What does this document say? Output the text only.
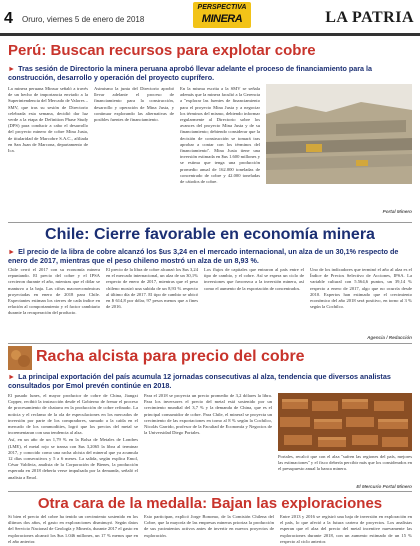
4 Oruro, viernes 5 de enero de 2018
PERSPECTIVA
MINERA	LA PATRIA
Perú: Buscan recursos para explotar cobre
► Tras sesión de Directorio la minera peruana aprobó llevar adelante el proceso de financiamiento para la construcción, desarrollo y operación del proyecto cuprífero.

La minera peruana Minsur señaló a través de un hecho de importancia enviado a la Superintendencia del Mercado de Valores – SMV, que tras su sesión de Directorio celebrada esta semana, decidió dar luz verde a la etapa de Definition Phase Study (DPS) para conducir a cabo el desarrollo del proyecto minero de cobre Mina Justa, de titularidad de Marcobre S.A.C., afiliada en San Juan de Marcona, departamento de Ica.

Asimismo la junta del Directorio aprobó llevar adelante el proceso de financiamiento para la construcción, desarrollo y operación de Mina Justa, y continuar explorando las alternativas de posibles fuentes de financiamiento.

En la misma escrita a la SMV se señala además que la minera facultó a la Gerencia a ''explorar las fuentes de financiamiento para el proyecto Mina Justa y a negociar los términos del mismo, debiendo informar regularmente al Directorio sobre los avances del proyecto Mina Justa y de su financiamiento; debiendo considerar que la decisión de construcción se tomará tras aprobar a contar con los términos del financiamiento''. Mina Justa tiene una inversión estimada en $us 1.600 millones y se estima que tenga una producción promedio anual de 162.000 toneladas de concentrado de cobre y 42.000 toneladas de cátodos de cobre.

Portal Minero
Chile: Cierre favorable en economía minera
► El precio de la libra de cobre alcanzó los $us 3,24 en el mercado internacional, un alza de un 30,1% respecto de enero de 2017, mientras que el peso chileno mostró un alza de un 8,93 %.

Chile cerró el 2017 con su economía minera repuntando. El precio del cobre y el IPSA crecieron durante el año, mientras que el dólar se mantuvo a la baja. Las cifras macroeconómicas proyectadas en enero de 2018 para Chile. Expectantes estiman los cierres de cada índice en relación al comportamiento y el factor cambiario durante la recuperación del producto.

El precio de la libra de cobre alcanzó los $us 3,24 en el mercado internacional, un alza de un 30,1% respecto de enero de 2017, mientras que el peso chileno mostró una subida de un 8,93 % respecto al último día de 2017. El tipo de cambio se ubicó en $ 614,8 por dólar, 97 pesos menos que a fines de 2016.

Los flujos de capitales que entraron al país entre el tipo de cambio, y el cobre. Así se espera un ciclo de inversiones que favorezca a la inversión minera, así como el aumento de la exportación de concentrados.

Uno de los indicadores que terminó el año al alza es el Índice de Precios Selectivo de Acciones, IPSA. La variable cultural con 5.564,6 puntos, un 39,14 % respecto a enero de 2017, algo que no ocurría desde 2010. Expertos han estimado que el crecimiento económico del año 2018 será positivo, en torno al 3 % según la Cochilco.

Agencia / Redacción
Racha alcista para precio del cobre
► La principal exportación del país acumula 12 jornadas consecutivas al alza, tendencia que diversos analistas consultados por Emol prevén continúe en 2018.

El pasado lunes, el mayor productor de cobre de China, Jiangxi Copper, recibió la instrucción desde el Gobierno de frenar el proceso de procesamiento de chatarra en la producción de cobre refinado. La noticia y el reclamo de la ola de especulaciones en los mercados de inversión por parte de los compradores, sumado a la caída en el mercado de los commodities, logró que los precios del metal se incrementaran con una tendencia al alza.

Así, en un año de un 1,79 % en la Bolsa de Metales de Londres (LME), el metal rojo se transa con $us 3,2065 la libra al terminar 2017, y conocido como una racha alcista del mineral que ya acumula 12 días consecutivos y 5 a 6 meses. La salida, según explica Emol, César Valdivia, analista de la Corporación de Bienes, la producción esperada en 2018 debería verse impulsada por la demanda, señaló el analista a Emol.

Para el 2018 se proyecta un precio promedio de 3,2 dólares la libra. Para los inversores el precio del metal está sostenido por un crecimiento mundial del 3,7 % y la demanda de China, que es el principal consumidor de cobre. Para Chile, el mineral se proyecta un crecimiento de las exportaciones en torno al 8 % según la Cochilco, Nicolás Garrido, profesor de la Facultad de Economía y Negocios de la Universidad Diego Portales.

Portales, recalcó que con el alza ''sufren las regiones del país, mejores las estimaciones'' y el fisco debería percibir más que los considerados en el presupuesto anual la banca minera.
El Mercurio Portal Minero
Otra cara de la medalla: Bajan las exploraciones

Si bien el precio del cobre ha tenido un crecimiento sostenido en los últimos dos años, el gasto en exploraciones disminuyó. Según datos del Servicio Nacional de Geología y Minería, durante 2017 el gasto en exploraciones alcanzó los $us 1.046 millones, un 17 % menos que en el año anterior.

Esto participan, explicó Jorge Bonomo, de la Comisión Chilena del Cobre, que la mayoría de las empresas mineras prioriza la producción de sus yacimientos activos antes de invertir en nuevos proyectos de exploración.

Entre 2013 y 2016 se registró una baja de inversión en exploración en el país, lo que afectó a la futura cartera de proyectos. Los analistas esperan que el alza del precio del metal incentive nuevamente las exploraciones durante 2018, con un aumento estimado de un 15 % respecto al ciclo anterior.
